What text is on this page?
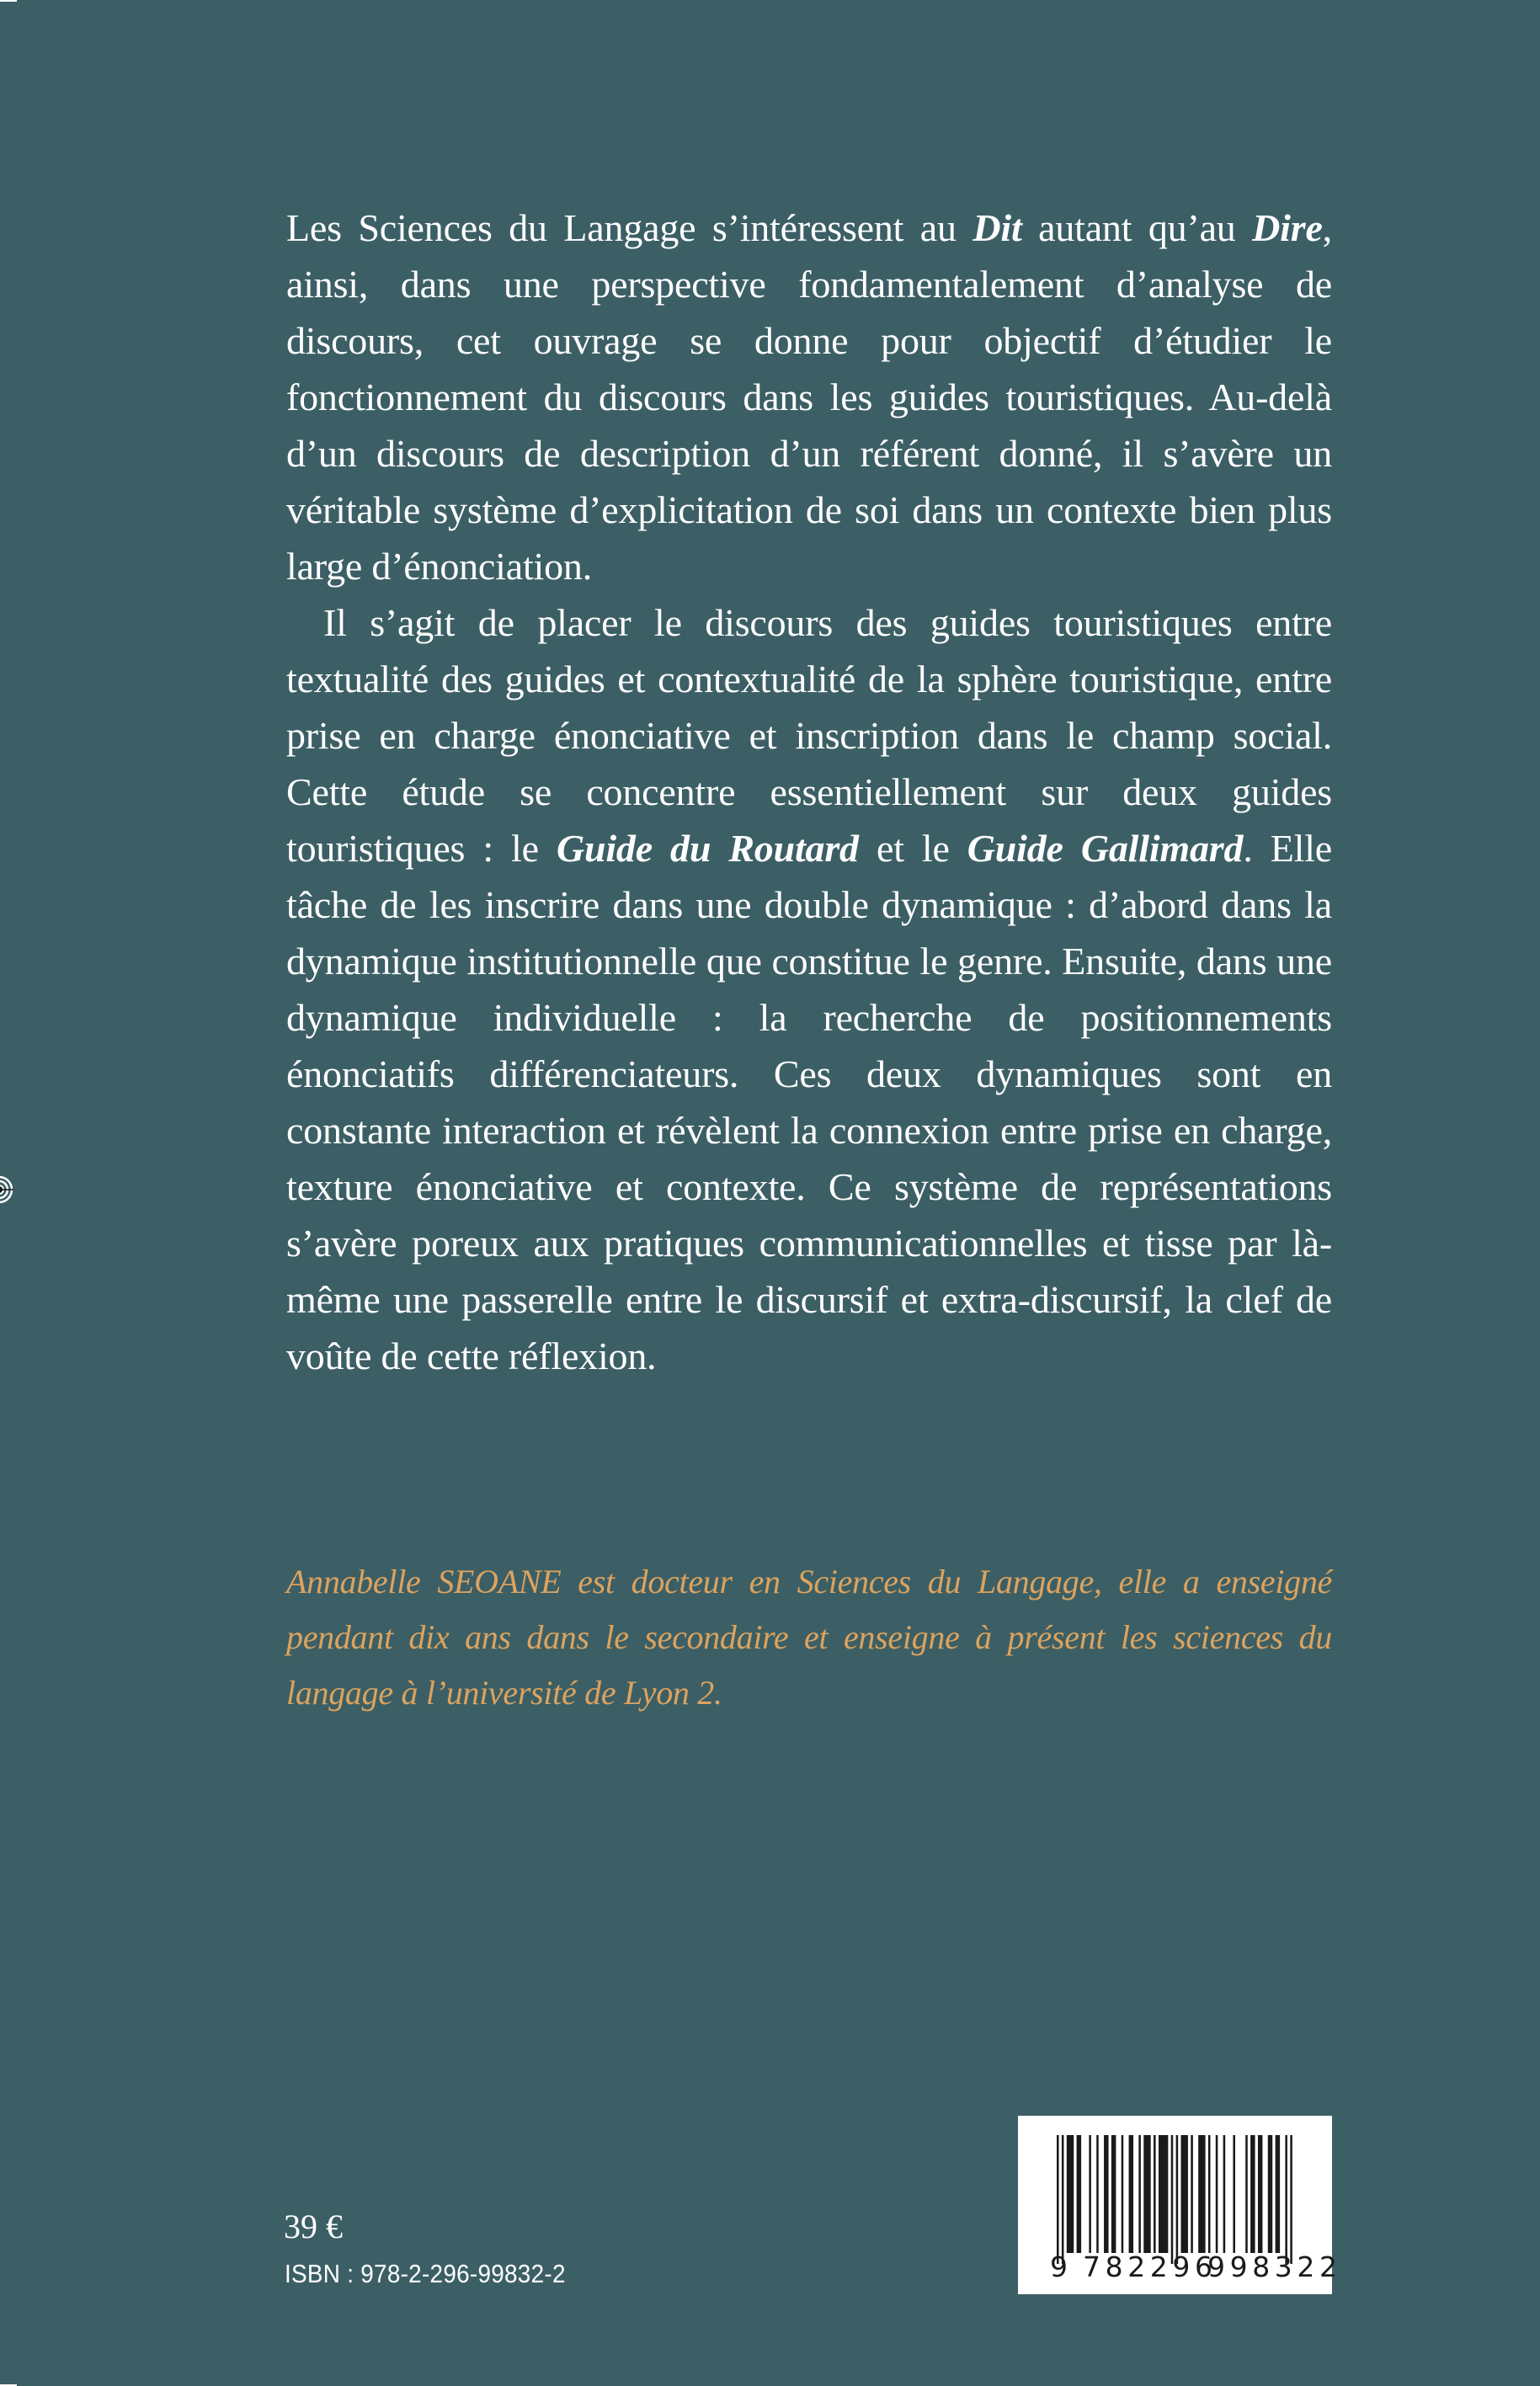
Les Sciences du Langage s’intéressent au Dit autant qu’au Dire, ainsi, dans une perspective fondamentalement d’analyse de discours, cet ouvrage se donne pour objectif d’étudier le fonctionnement du discours dans les guides touristiques. Au-delà d’un discours de description d’un référent donné, il s’avère un véritable système d’explicitation de soi dans un contexte bien plus large d’énonciation.

Il s’agit de placer le discours des guides touristiques entre textualité des guides et contextualité de la sphère touristique, entre prise en charge énonciative et inscription dans le champ social. Cette étude se concentre essentiellement sur deux guides touristiques : le Guide du Routard et le Guide Gallimard. Elle tâche de les inscrire dans une double dynamique : d’abord dans la dynamique institutionnelle que constitue le genre. Ensuite, dans une dynamique individuelle : la recherche de positionnements énonciatifs différenciateurs. Ces deux dynamiques sont en constante interaction et révèlent la connexion entre prise en charge, texture énonciative et contexte. Ce système de représentations s’avère poreux aux pratiques communicationnelles et tisse par là-même une passerelle entre le discursif et extra-discursif, la clef de voûte de cette réflexion.

Annabelle SEOANE est docteur en Sciences du Langage, elle a enseigné pendant dix ans dans le secondaire et enseigne à présent les sciences du langage à l’université de Lyon 2.

39 €
ISBN : 978-2-296-99832-2	9 782296
998322
